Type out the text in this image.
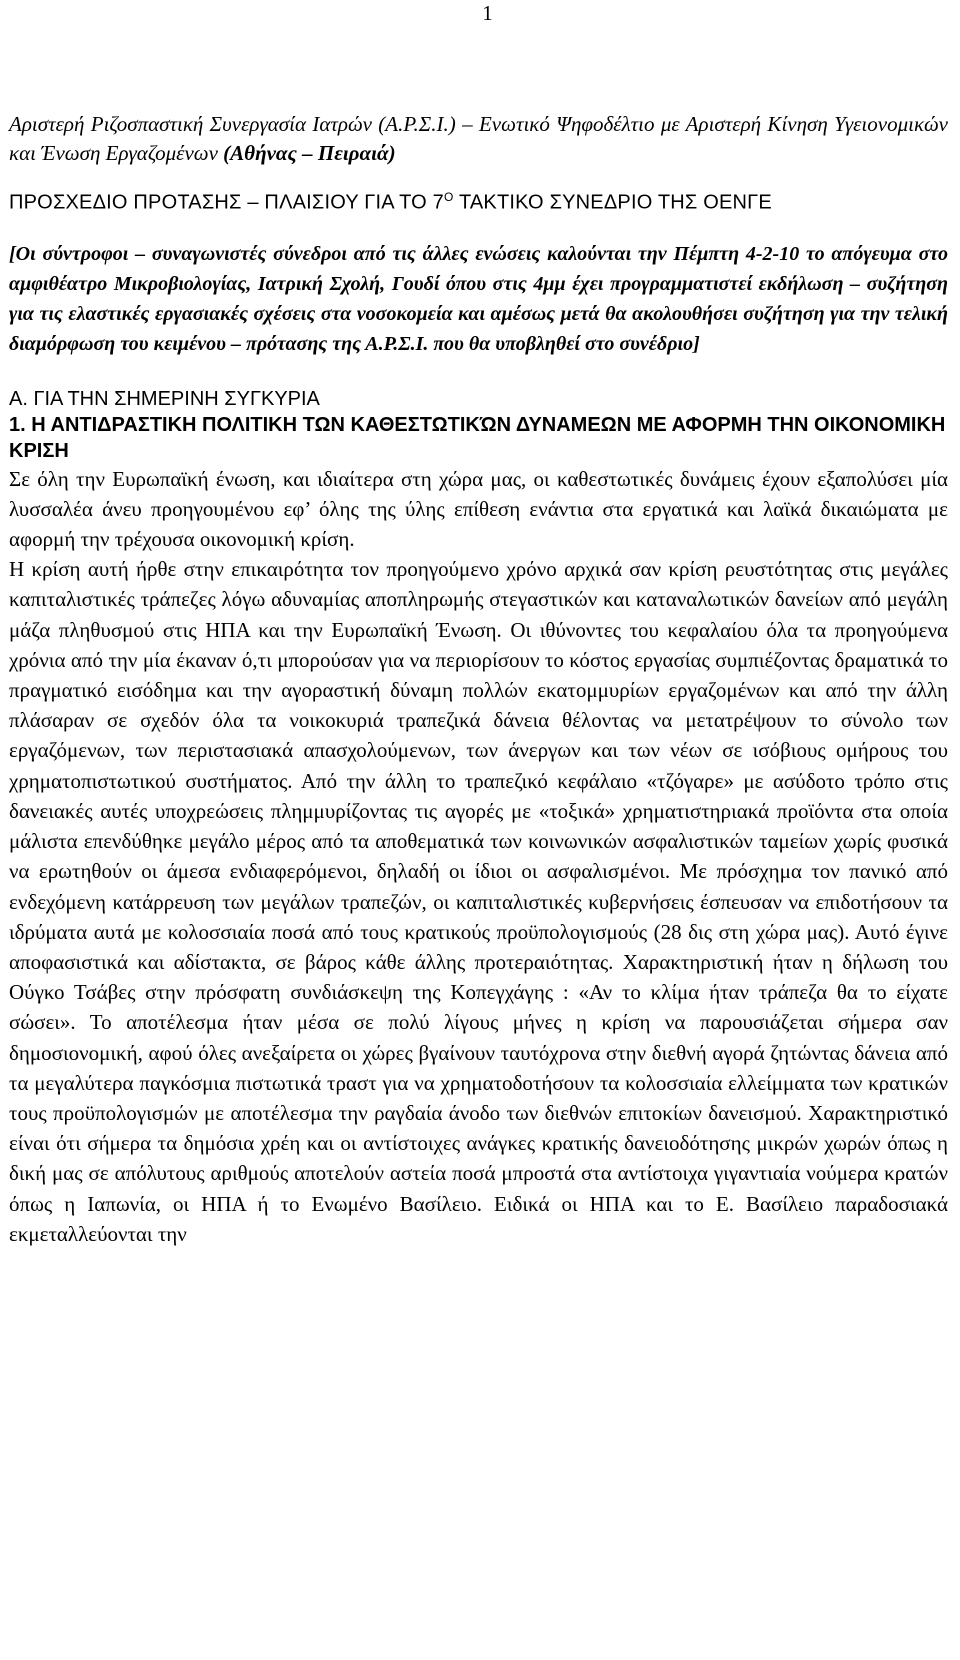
1
Αριστερή Ριζοσπαστική Συνεργασία Ιατρών (Α.Ρ.Σ.Ι.) – Ενωτικό Ψηφοδέλτιο με Αριστερή Κίνηση Υγειονομικών και Ένωση Εργαζομένων (Αθήνας – Πειραιά)
ΠΡΟΣΧΕΔΙΟ ΠΡΟΤΑΣΗΣ – ΠΛΑΙΣΙΟΥ ΓΙΑ ΤΟ $7^O$ ΤΑΚΤΙΚΟ ΣΥΝΕΔΡΙΟ ΤΗΣ ΟΕΝΓΕ
[Οι σύντροφοι – συναγωνιστές σύνεδροι από τις άλλες ενώσεις καλούνται την Πέμπτη 4-2-10 το απόγευμα στο αμφιθέατρο Μικροβιολογίας, Ιατρική Σχολή, Γουδί όπου στις 4μμ έχει προγραμματιστεί εκδήλωση – συζήτηση για τις ελαστικές εργασιακές σχέσεις στα νοσοκομεία και αμέσως μετά θα ακολουθήσει συζήτηση για την τελική διαμόρφωση του κειμένου – πρότασης της Α.Ρ.Σ.Ι. που θα υποβληθεί στο συνέδριο]
Α. ΓΙΑ ΤΗΝ ΣΗΜΕΡΙΝΗ ΣΥΓΚΥΡΙΑ
1. Η ΑΝΤΙΔΡΑΣΤΙΚΗ ΠΟΛΙΤΙΚΗ ΤΩΝ ΚΑΘΕΣΤΩΤΙΚΏΝ ΔΥΝΑΜΕΩΝ ΜΕ ΑΦΟΡΜΗ ΤΗΝ ΟΙΚΟΝΟΜΙΚΗ ΚΡΙΣΗ

Σε όλη την Ευρωπαϊκή ένωση, και ιδιαίτερα στη χώρα μας, οι καθεστωτικές δυνάμεις έχουν εξαπολύσει μία λυσσαλέα άνευ προηγουμένου εφ’ όλης της ύλης επίθεση ενάντια στα εργατικά και λαϊκά δικαιώματα με αφορμή την τρέχουσα οικονομική κρίση.

Η κρίση αυτή ήρθε στην επικαιρότητα τον προηγούμενο χρόνο αρχικά σαν κρίση ρευστότητας στις μεγάλες καπιταλιστικές τράπεζες λόγω αδυναμίας αποπληρωμής στεγαστικών και καταναλωτικών δανείων από μεγάλη μάζα πληθυσμού στις ΗΠΑ και την Ευρωπαϊκή Ένωση. Οι ιθύνοντες του κεφαλαίου όλα τα προηγούμενα χρόνια από την μία έκαναν ό,τι μπορούσαν για να περιορίσουν το κόστος εργασίας συμπιέζοντας δραματικά το πραγματικό εισόδημα και την αγοραστική δύναμη πολλών εκατομμυρίων εργαζομένων και από την άλλη πλάσαραν σε σχεδόν όλα τα νοικοκυριά τραπεζικά δάνεια θέλοντας να μετατρέψουν το σύνολο των εργαζόμενων, των περιστασιακά απασχολούμενων, των άνεργων και των νέων σε ισόβιους ομήρους του χρηματοπιστωτικού συστήματος. Από την άλλη το τραπεζικό κεφάλαιο «τζόγαρε» με ασύδοτο τρόπο στις δανειακές αυτές υποχρεώσεις πλημμυρίζοντας τις αγορές με «τοξικά» χρηματιστηριακά προϊόντα στα οποία μάλιστα επενδύθηκε μεγάλο μέρος από τα αποθεματικά των κοινωνικών ασφαλιστικών ταμείων χωρίς φυσικά να ερωτηθούν οι άμεσα ενδιαφερόμενοι, δηλαδή οι ίδιοι οι ασφαλισμένοι. Με πρόσχημα τον πανικό από ενδεχόμενη κατάρρευση των μεγάλων τραπεζών, οι καπιταλιστικές κυβερνήσεις έσπευσαν να επιδοτήσουν τα ιδρύματα αυτά με κολοσσιαία ποσά από τους κρατικούς προϋπολογισμούς (28 δις στη χώρα μας). Αυτό έγινε αποφασιστικά και αδίστακτα, σε βάρος κάθε άλλης προτεραιότητας. Χαρακτηριστική ήταν η δήλωση του Ούγκο Τσάβες στην πρόσφατη συνδιάσκεψη της Κοπεγχάγης : «Αν το κλίμα ήταν τράπεζα θα το είχατε σώσει». Το αποτέλεσμα ήταν μέσα σε πολύ λίγους μήνες η κρίση να παρουσιάζεται σήμερα σαν δημοσιονομική, αφού όλες ανεξαίρετα οι χώρες βγαίνουν ταυτόχρονα στην διεθνή αγορά ζητώντας δάνεια από τα μεγαλύτερα παγκόσμια πιστωτικά τραστ για να χρηματοδοτήσουν τα κολοσσιαία ελλείμματα των κρατικών τους προϋπολογισμών με αποτέλεσμα την ραγδαία άνοδο των διεθνών επιτοκίων δανεισμού. Χαρακτηριστικό είναι ότι σήμερα τα δημόσια χρέη και οι αντίστοιχες ανάγκες κρατικής δανειοδότησης μικρών χωρών όπως η δική μας σε απόλυτους αριθμούς αποτελούν αστεία ποσά μπροστά στα αντίστοιχα γιγαντιαία νούμερα κρατών όπως η Ιαπωνία, οι ΗΠΑ ή το Ενωμένο Βασίλειο. Ειδικά οι ΗΠΑ και το Ε. Βασίλειο παραδοσιακά εκμεταλλεύονται την
